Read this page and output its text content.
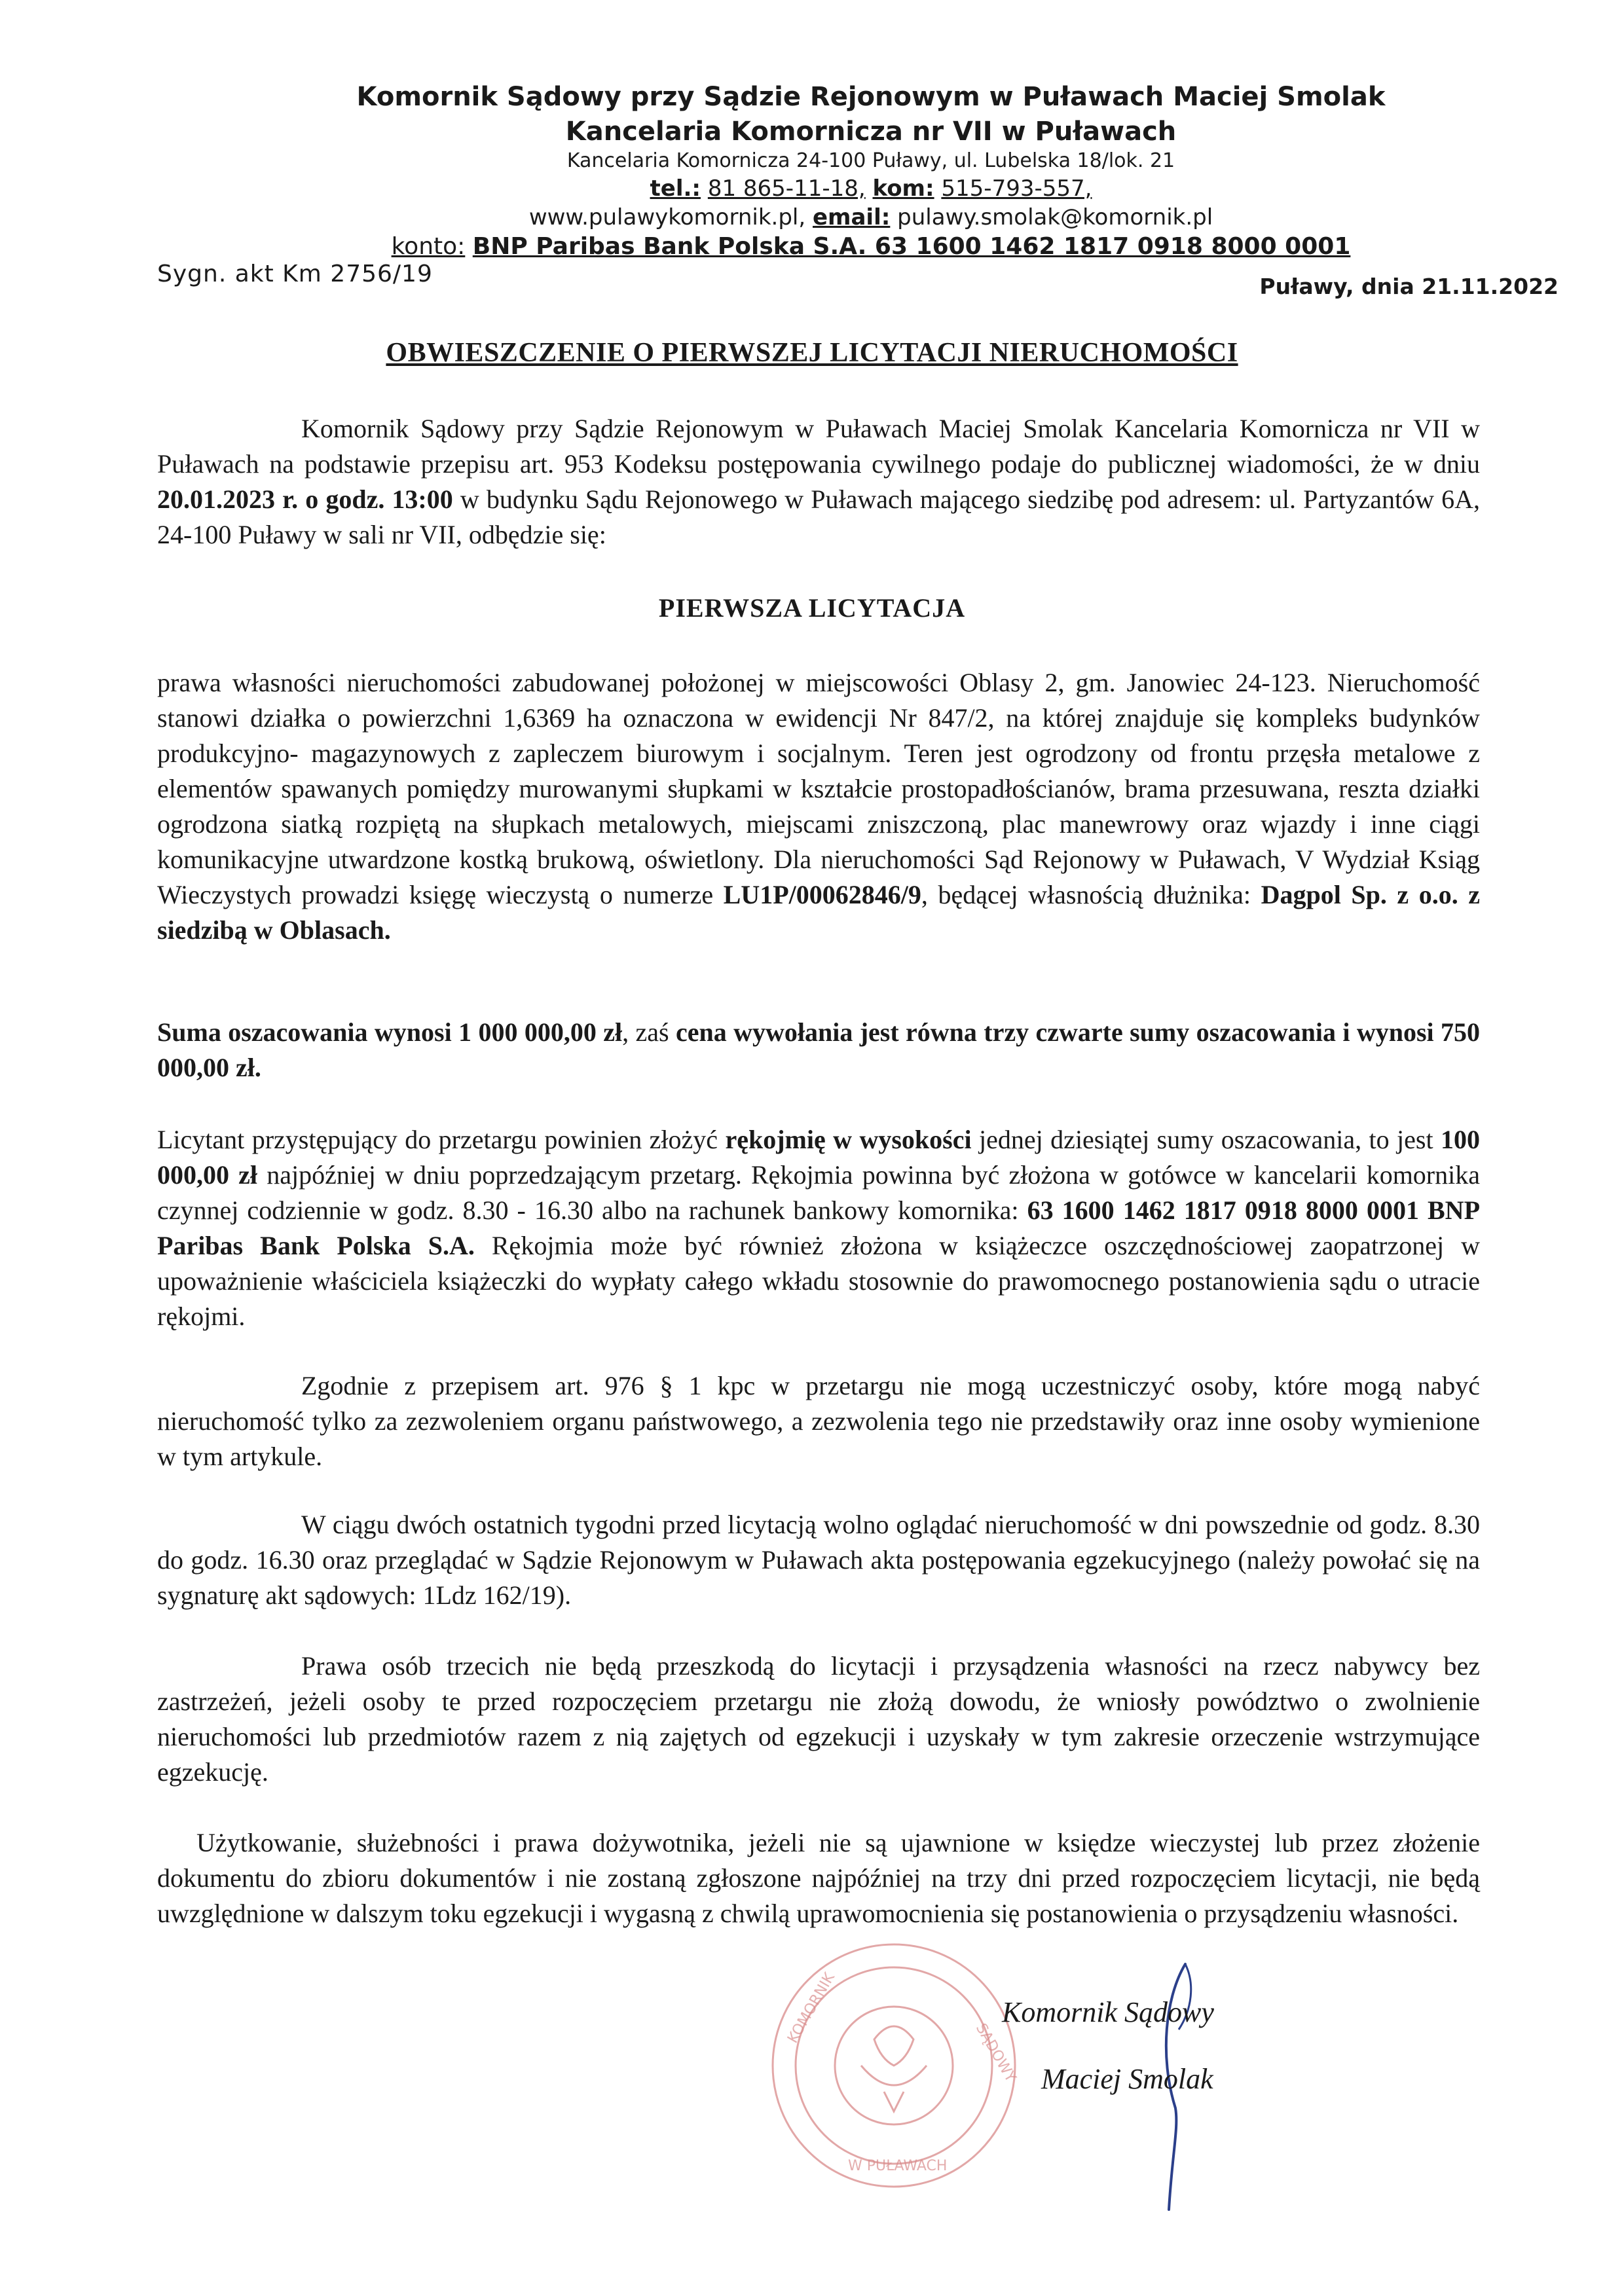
Komornik Sądowy przy Sądzie Rejonowym w Puławach Maciej Smolak
Kancelaria Komornicza nr VII w Puławach
Kancelaria Komornicza 24-100 Puławy, ul. Lubelska 18/lok. 21
tel.: 81 865-11-18, kom: 515-793-557,
www.pulawykomornik.pl, email: pulawy.smolak@komornik.pl
konto: BNP Paribas Bank Polska S.A. 63 1600 1462 1817 0918 8000 0001
Sygn. akt Km 2756/19	Puławy, dnia 21.11.2022
OBWIESZCZENIE O PIERWSZEJ LICYTACJI NIERUCHOMOŚCI

Komornik Sądowy przy Sądzie Rejonowym w Puławach Maciej Smolak Kancelaria Komornicza nr VII w Puławach na podstawie przepisu art. 953 Kodeksu postępowania cywilnego podaje do publicznej wiadomości, że w dniu 20.01.2023 r. o godz. 13:00 w budynku Sądu Rejonowego w Puławach mającego siedzibę pod adresem: ul. Partyzantów 6A, 24-100 Puławy w sali nr VII, odbędzie się:

PIERWSZA LICYTACJA

prawa własności nieruchomości zabudowanej położonej w miejscowości Oblasy 2, gm. Janowiec 24-123. Nieruchomość stanowi działka o powierzchni 1,6369 ha oznaczona w ewidencji Nr 847/2, na której znajduje się kompleks budynków produkcyjno- magazynowych z zapleczem biurowym i socjalnym. Teren jest ogrodzony od frontu przęsła metalowe z elementów spawanych pomiędzy murowanymi słupkami w kształcie prostopadłościanów, brama przesuwana, reszta działki ogrodzona siatką rozpiętą na słupkach metalowych, miejscami zniszczoną, plac manewrowy oraz wjazdy i inne ciągi komunikacyjne utwardzone kostką brukową, oświetlony. Dla nieruchomości Sąd Rejonowy w Puławach, V Wydział Ksiąg Wieczystych prowadzi księgę wieczystą o numerze LU1P/00062846/9, będącej własnością dłużnika: Dagpol Sp. z o.o. z siedzibą w Oblasach.

Suma oszacowania wynosi 1 000 000,00 zł, zaś cena wywołania jest równa trzy czwarte sumy oszacowania i wynosi 750 000,00 zł.

Licytant przystępujący do przetargu powinien złożyć rękojmię w wysokości jednej dziesiątej sumy oszacowania, to jest 100 000,00 zł najpóźniej w dniu poprzedzającym przetarg. Rękojmia powinna być złożona w gotówce w kancelarii komornika czynnej codziennie w godz. 8.30 - 16.30 albo na rachunek bankowy komornika: 63 1600 1462 1817 0918 8000 0001 BNP Paribas Bank Polska S.A. Rękojmia może być również złożona w książeczce oszczędnościowej zaopatrzonej w upoważnienie właściciela książeczki do wypłaty całego wkładu stosownie do prawomocnego postanowienia sądu o utracie rękojmi.

Zgodnie z przepisem art. 976 § 1 kpc w przetargu nie mogą uczestniczyć osoby, które mogą nabyć nieruchomość tylko za zezwoleniem organu państwowego, a zezwolenia tego nie przedstawiły oraz inne osoby wymienione w tym artykule.

W ciągu dwóch ostatnich tygodni przed licytacją wolno oglądać nieruchomość w dni powszednie od godz. 8.30 do godz. 16.30 oraz przeglądać w Sądzie Rejonowym w Puławach akta postępowania egzekucyjnego (należy powołać się na sygnaturę akt sądowych: 1Ldz 162/19).

Prawa osób trzecich nie będą przeszkodą do licytacji i przysądzenia własności na rzecz nabywcy bez zastrzeżeń, jeżeli osoby te przed rozpoczęciem przetargu nie złożą dowodu, że wniosły powództwo o zwolnienie nieruchomości lub przedmiotów razem z nią zajętych od egzekucji i uzyskały w tym zakresie orzeczenie wstrzymujące egzekucję.

Użytkowanie, służebności i prawa dożywotnika, jeżeli nie są ujawnione w księdze wieczystej lub przez złożenie dokumentu do zbioru dokumentów i nie zostaną zgłoszone najpóźniej na trzy dni przed rozpoczęciem licytacji, nie będą uwzględnione w dalszym toku egzekucji i wygasną z chwilą uprawomocnienia się postanowienia o przysądzeniu własności.

W PUŁAWACH
KOMORNIK
SĄDOWY
Komornik Sądowy
Maciej Smolak
